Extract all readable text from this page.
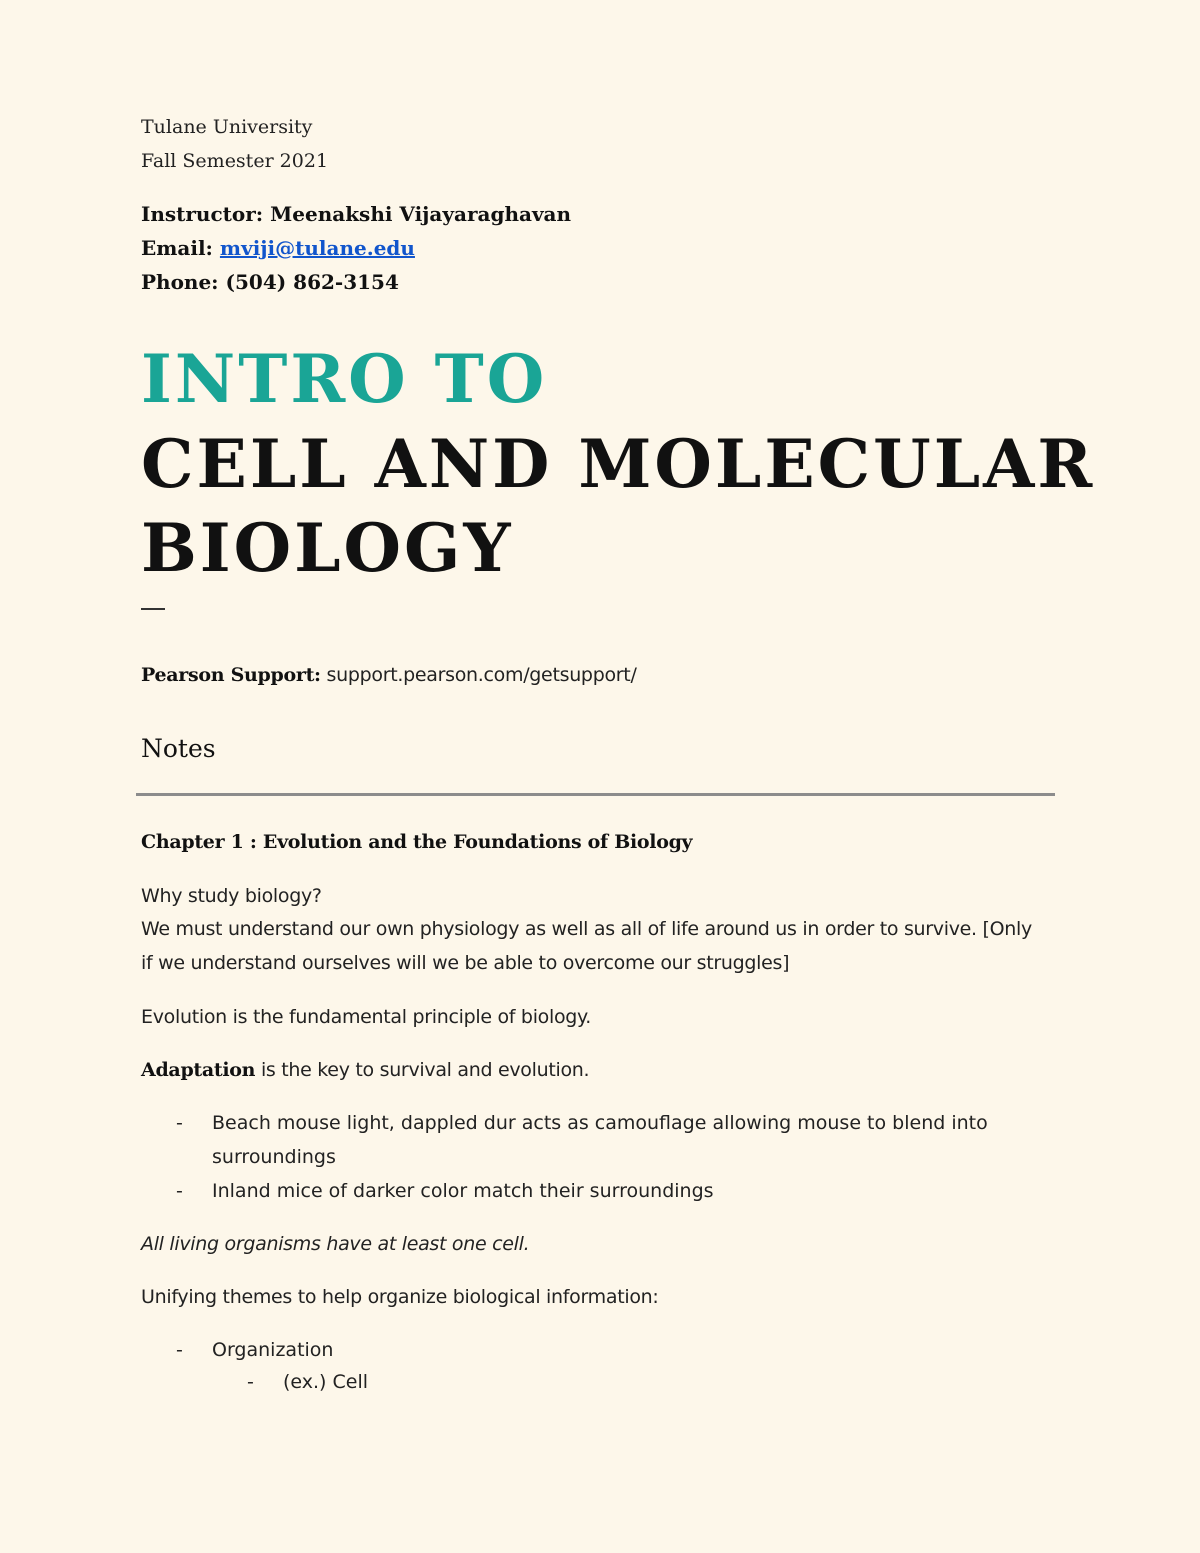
Tulane University
Fall Semester 2021
Instructor: Meenakshi Vijayaraghavan
Email: mviji@tulane.edu
Phone: (504) 862-3154
INTRO TO
CELL AND MOLECULAR
BIOLOGY
Pearson Support: support.pearson.com/getsupport/
Notes
Chapter 1 : Evolution and the Foundations of Biology
Why study biology?
We must understand our own physiology as well as all of life around us in order to survive. [Only
if we understand ourselves will we be able to overcome our struggles]
Evolution is the fundamental principle of biology.
Adaptation is the key to survival and evolution.
- Beach mouse light, dappled dur acts as camouflage allowing mouse to blend into
surroundings
- Inland mice of darker color match their surroundings
All living organisms have at least one cell.
Unifying themes to help organize biological information:
- Organization
- (ex.) Cell
